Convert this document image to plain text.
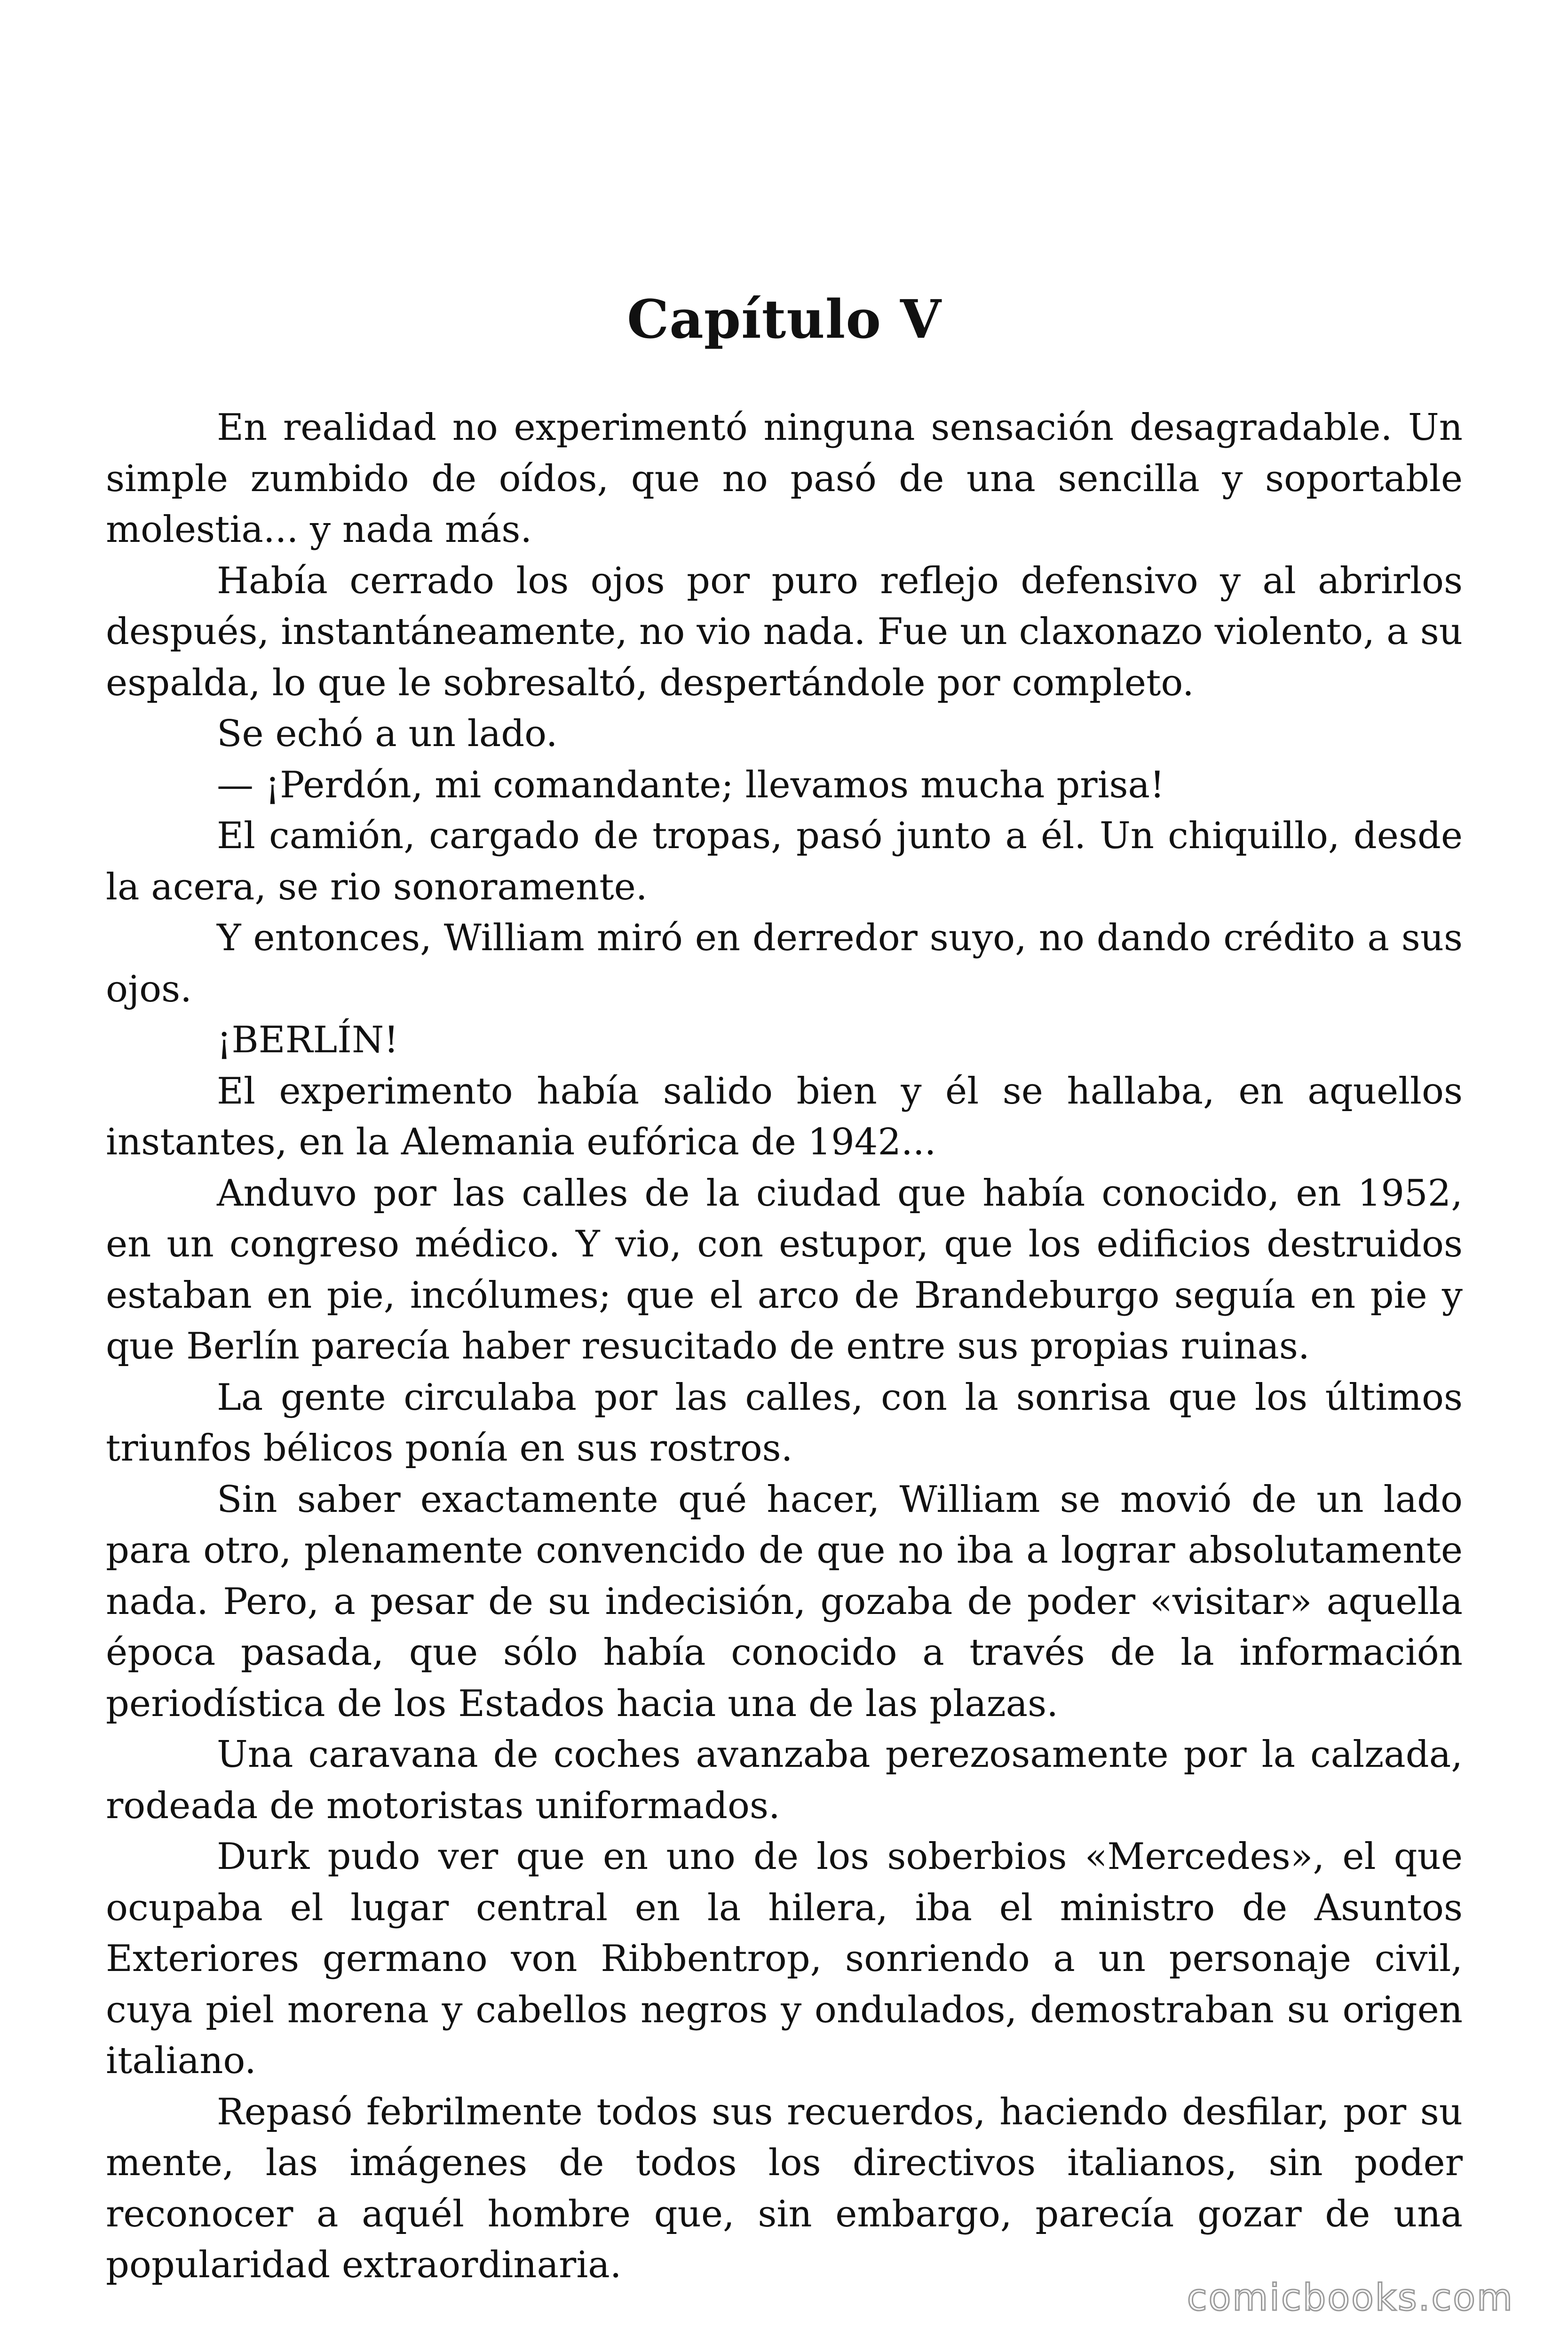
Capítulo V

En realidad no experimentó ninguna sensación desagradable. Un simple zumbido de oídos, que no pasó de una sencilla y soportable molestia... y nada más.

Había cerrado los ojos por puro reflejo defensivo y al abrirlos después, instantáneamente, no vio nada. Fue un claxonazo violento, a su espalda, lo que le sobresaltó, despertándole por completo.

Se echó a un lado.

— ¡Perdón, mi comandante; llevamos mucha prisa!

El camión, cargado de tropas, pasó junto a él. Un chiquillo, desde la acera, se rio sonoramente.

Y entonces, William miró en derredor suyo, no dando crédito a sus ojos.

¡BERLÍN!

El experimento había salido bien y él se hallaba, en aquellos instantes, en la Alemania eufórica de 1942...

Anduvo por las calles de la ciudad que había conocido, en 1952, en un congreso médico. Y vio, con estupor, que los edificios destruidos estaban en pie, incólumes; que el arco de Brandeburgo seguía en pie y que Berlín parecía haber resucitado de entre sus propias ruinas.

La gente circulaba por las calles, con la sonrisa que los últimos triunfos bélicos ponía en sus rostros.

Sin saber exactamente qué hacer, William se movió de un lado para otro, plenamente convencido de que no iba a lograr absolutamente nada. Pero, a pesar de su indecisión, gozaba de poder «visitar» aquella época pasada, que sólo había conocido a través de la información periodística de los Estados hacia una de las plazas.

Una caravana de coches avanzaba perezosamente por la calzada, rodeada de motoristas uniformados.

Durk pudo ver que en uno de los soberbios «Mercedes», el que ocupaba el lugar central en la hilera, iba el ministro de Asuntos Exteriores germano von Ribbentrop, sonriendo a un personaje civil, cuya piel morena y cabellos negros y ondulados, demostraban su origen italiano.

Repasó febrilmente todos sus recuerdos, haciendo desfilar, por su mente, las imágenes de todos los directivos italianos, sin poder reconocer a aquél hombre que, sin embargo, parecía gozar de una popularidad extraordinaria.

comicbooks.com
